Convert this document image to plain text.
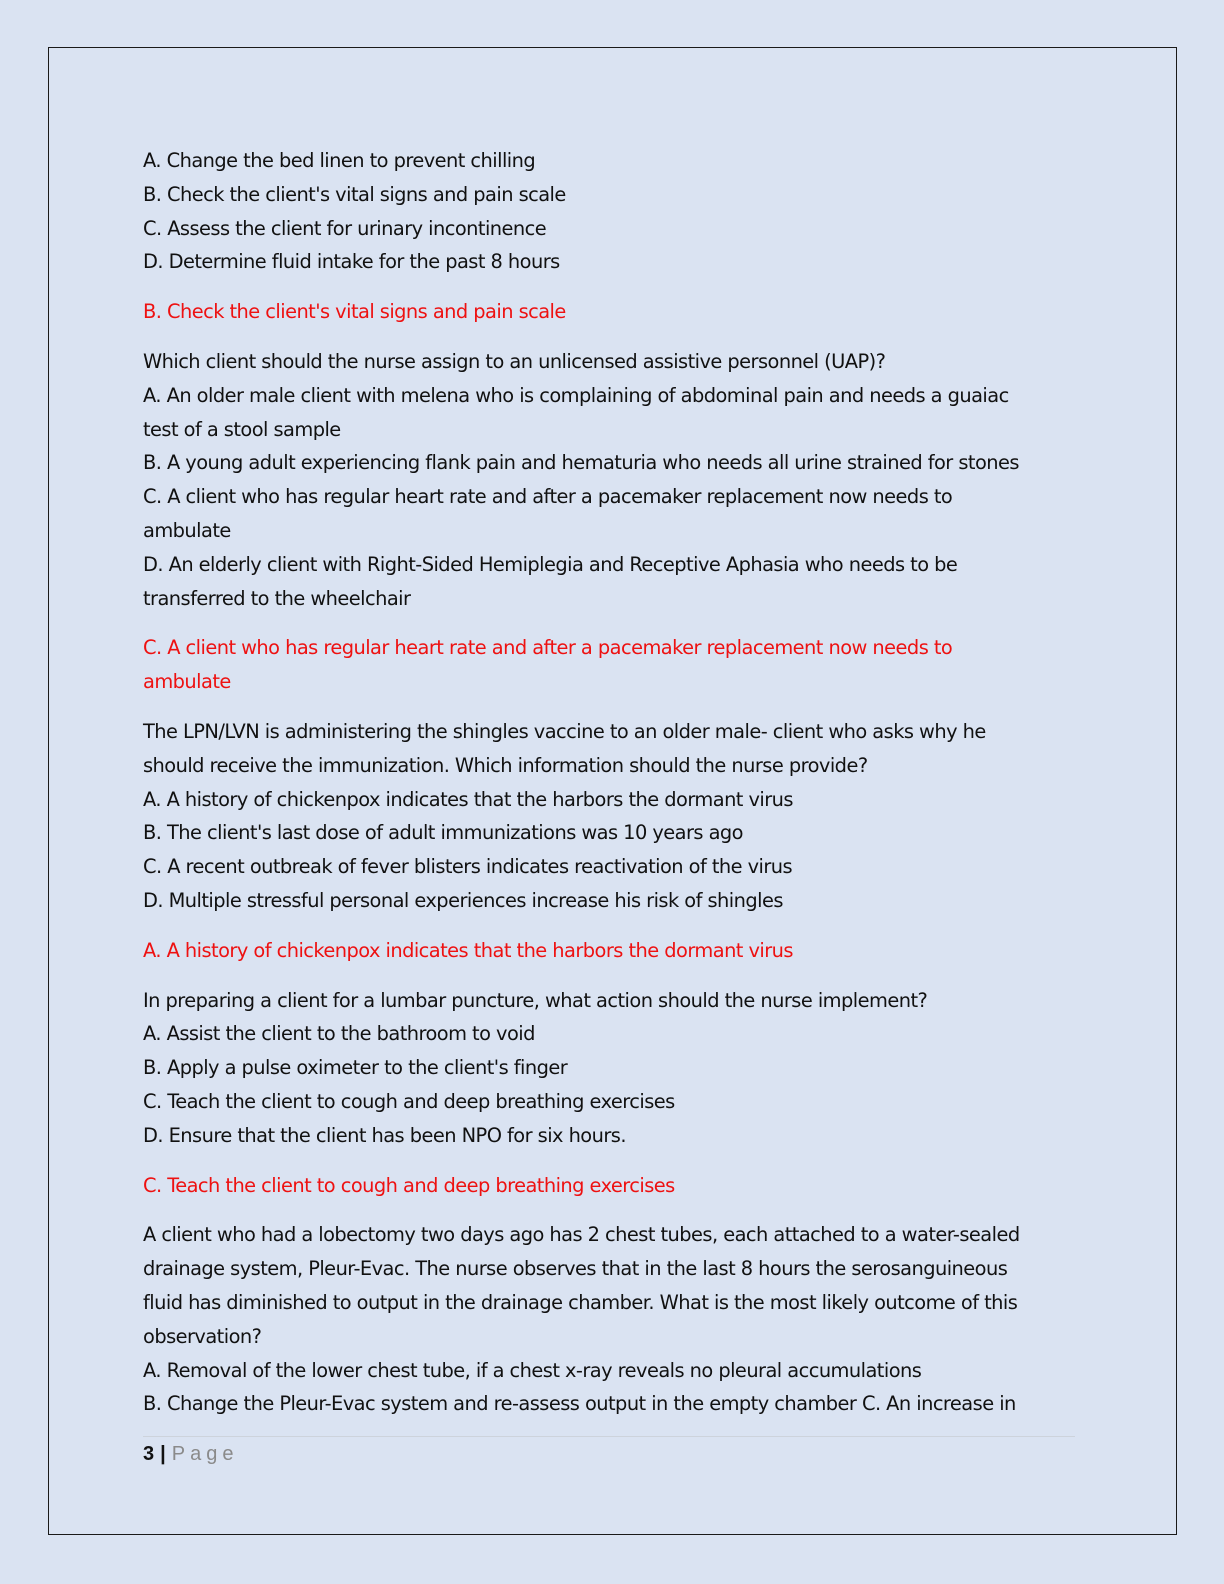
A. Change the bed linen to prevent chilling
B. Check the client's vital signs and pain scale
C. Assess the client for urinary incontinence
D. Determine fluid intake for the past 8 hours
B. Check the client's vital signs and pain scale
Which client should the nurse assign to an unlicensed assistive personnel (UAP)?
A. An older male client with melena who is complaining of abdominal pain and needs a guaiac
test of a stool sample
B. A young adult experiencing flank pain and hematuria who needs all urine strained for stones
C. A client who has regular heart rate and after a pacemaker replacement now needs to
ambulate
D. An elderly client with Right-Sided Hemiplegia and Receptive Aphasia who needs to be
transferred to the wheelchair
C. A client who has regular heart rate and after a pacemaker replacement now needs to
ambulate
The LPN/LVN is administering the shingles vaccine to an older male- client who asks why he
should receive the immunization. Which information should the nurse provide?
A. A history of chickenpox indicates that the harbors the dormant virus
B. The client's last dose of adult immunizations was 10 years ago
C. A recent outbreak of fever blisters indicates reactivation of the virus
D. Multiple stressful personal experiences increase his risk of shingles
A. A history of chickenpox indicates that the harbors the dormant virus
In preparing a client for a lumbar puncture, what action should the nurse implement?
A. Assist the client to the bathroom to void
B. Apply a pulse oximeter to the client's finger
C. Teach the client to cough and deep breathing exercises
D. Ensure that the client has been NPO for six hours.
C. Teach the client to cough and deep breathing exercises
A client who had a lobectomy two days ago has 2 chest tubes, each attached to a water-sealed
drainage system, Pleur-Evac. The nurse observes that in the last 8 hours the serosanguineous
fluid has diminished to output in the drainage chamber. What is the most likely outcome of this
observation?
A. Removal of the lower chest tube, if a chest x-ray reveals no pleural accumulations
B. Change the Pleur-Evac system and re-assess output in the empty chamber C. An increase in
3 | Page
